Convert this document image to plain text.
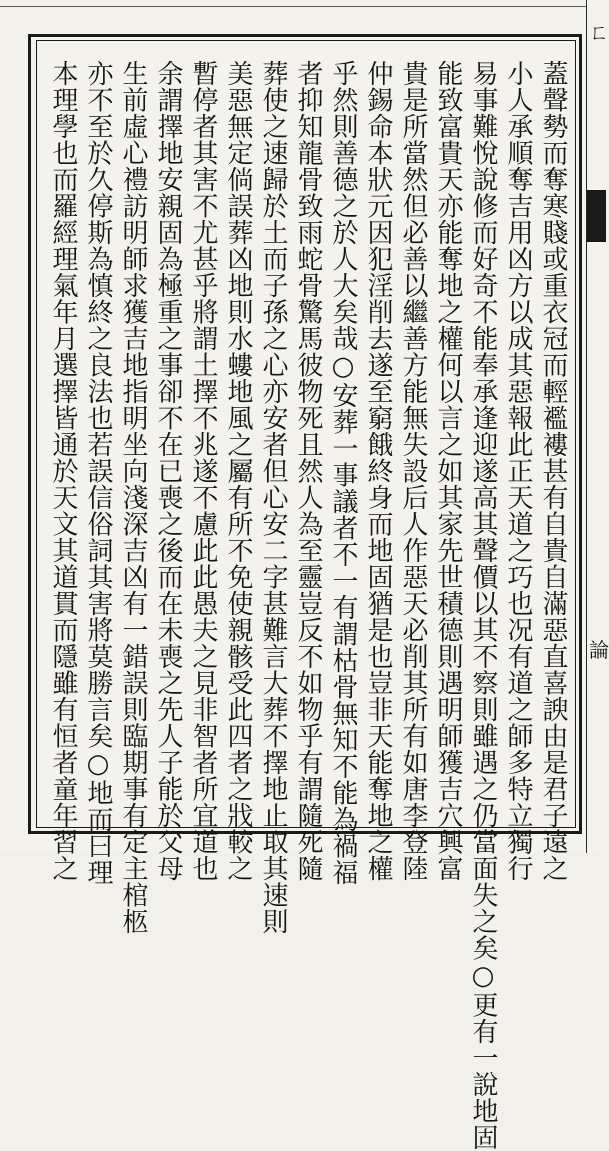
ㄈ
論
蓋聲勢而奪寒賤或重衣冠而輕襤褸甚有自貴自滿惡直喜諛由是君子遠之
小人承順奪吉用凶方以成其惡報此正天道之巧也况有道之師多特立獨行
易事難悅說修而好奇不能奉承逢迎遂高其聲價以其不察則雖遇之仍當面失之矣○更有一說地固
能致富貴天亦能奪地之權何以言之如其家先世積德則遇明師獲吉穴興富
貴是所當然但必善以繼善方能無失設后人作惡天必削其所有如唐李登陸
仲錫命本狀元因犯淫削去遂至窮餓終身而地固猶是也豈非天能奪地之權
乎然則善德之於人大矣哉○安葬一事議者不一有謂枯骨無知不能為禍福
者抑知龍骨致雨蛇骨驚馬彼物死且然人為至靈豈反不如物乎有謂隨死隨
葬使之速歸於土而子孫之心亦安者但心安二字甚難言大葬不擇地止取其速則
美惡無定倘誤葬凶地則水螻地風之屬有所不免使親骸受此四者之戕較之
暫停者其害不尤甚乎將謂土擇不兆遂不慮此此愚夫之見非智者所宜道也
余謂擇地安親固為極重之事卻不在已喪之後而在未喪之先人子能於父母
生前虛心禮訪明師求獲吉地指明坐向淺深吉凶有一錯誤則臨期事有定主棺柩
亦不至於久停斯為慎終之良法也若誤信俗詞其害將莫勝言矣○地而曰理
本理學也而羅經理氣年月選擇皆通於天文其道貫而隱雖有恒者童年習之
